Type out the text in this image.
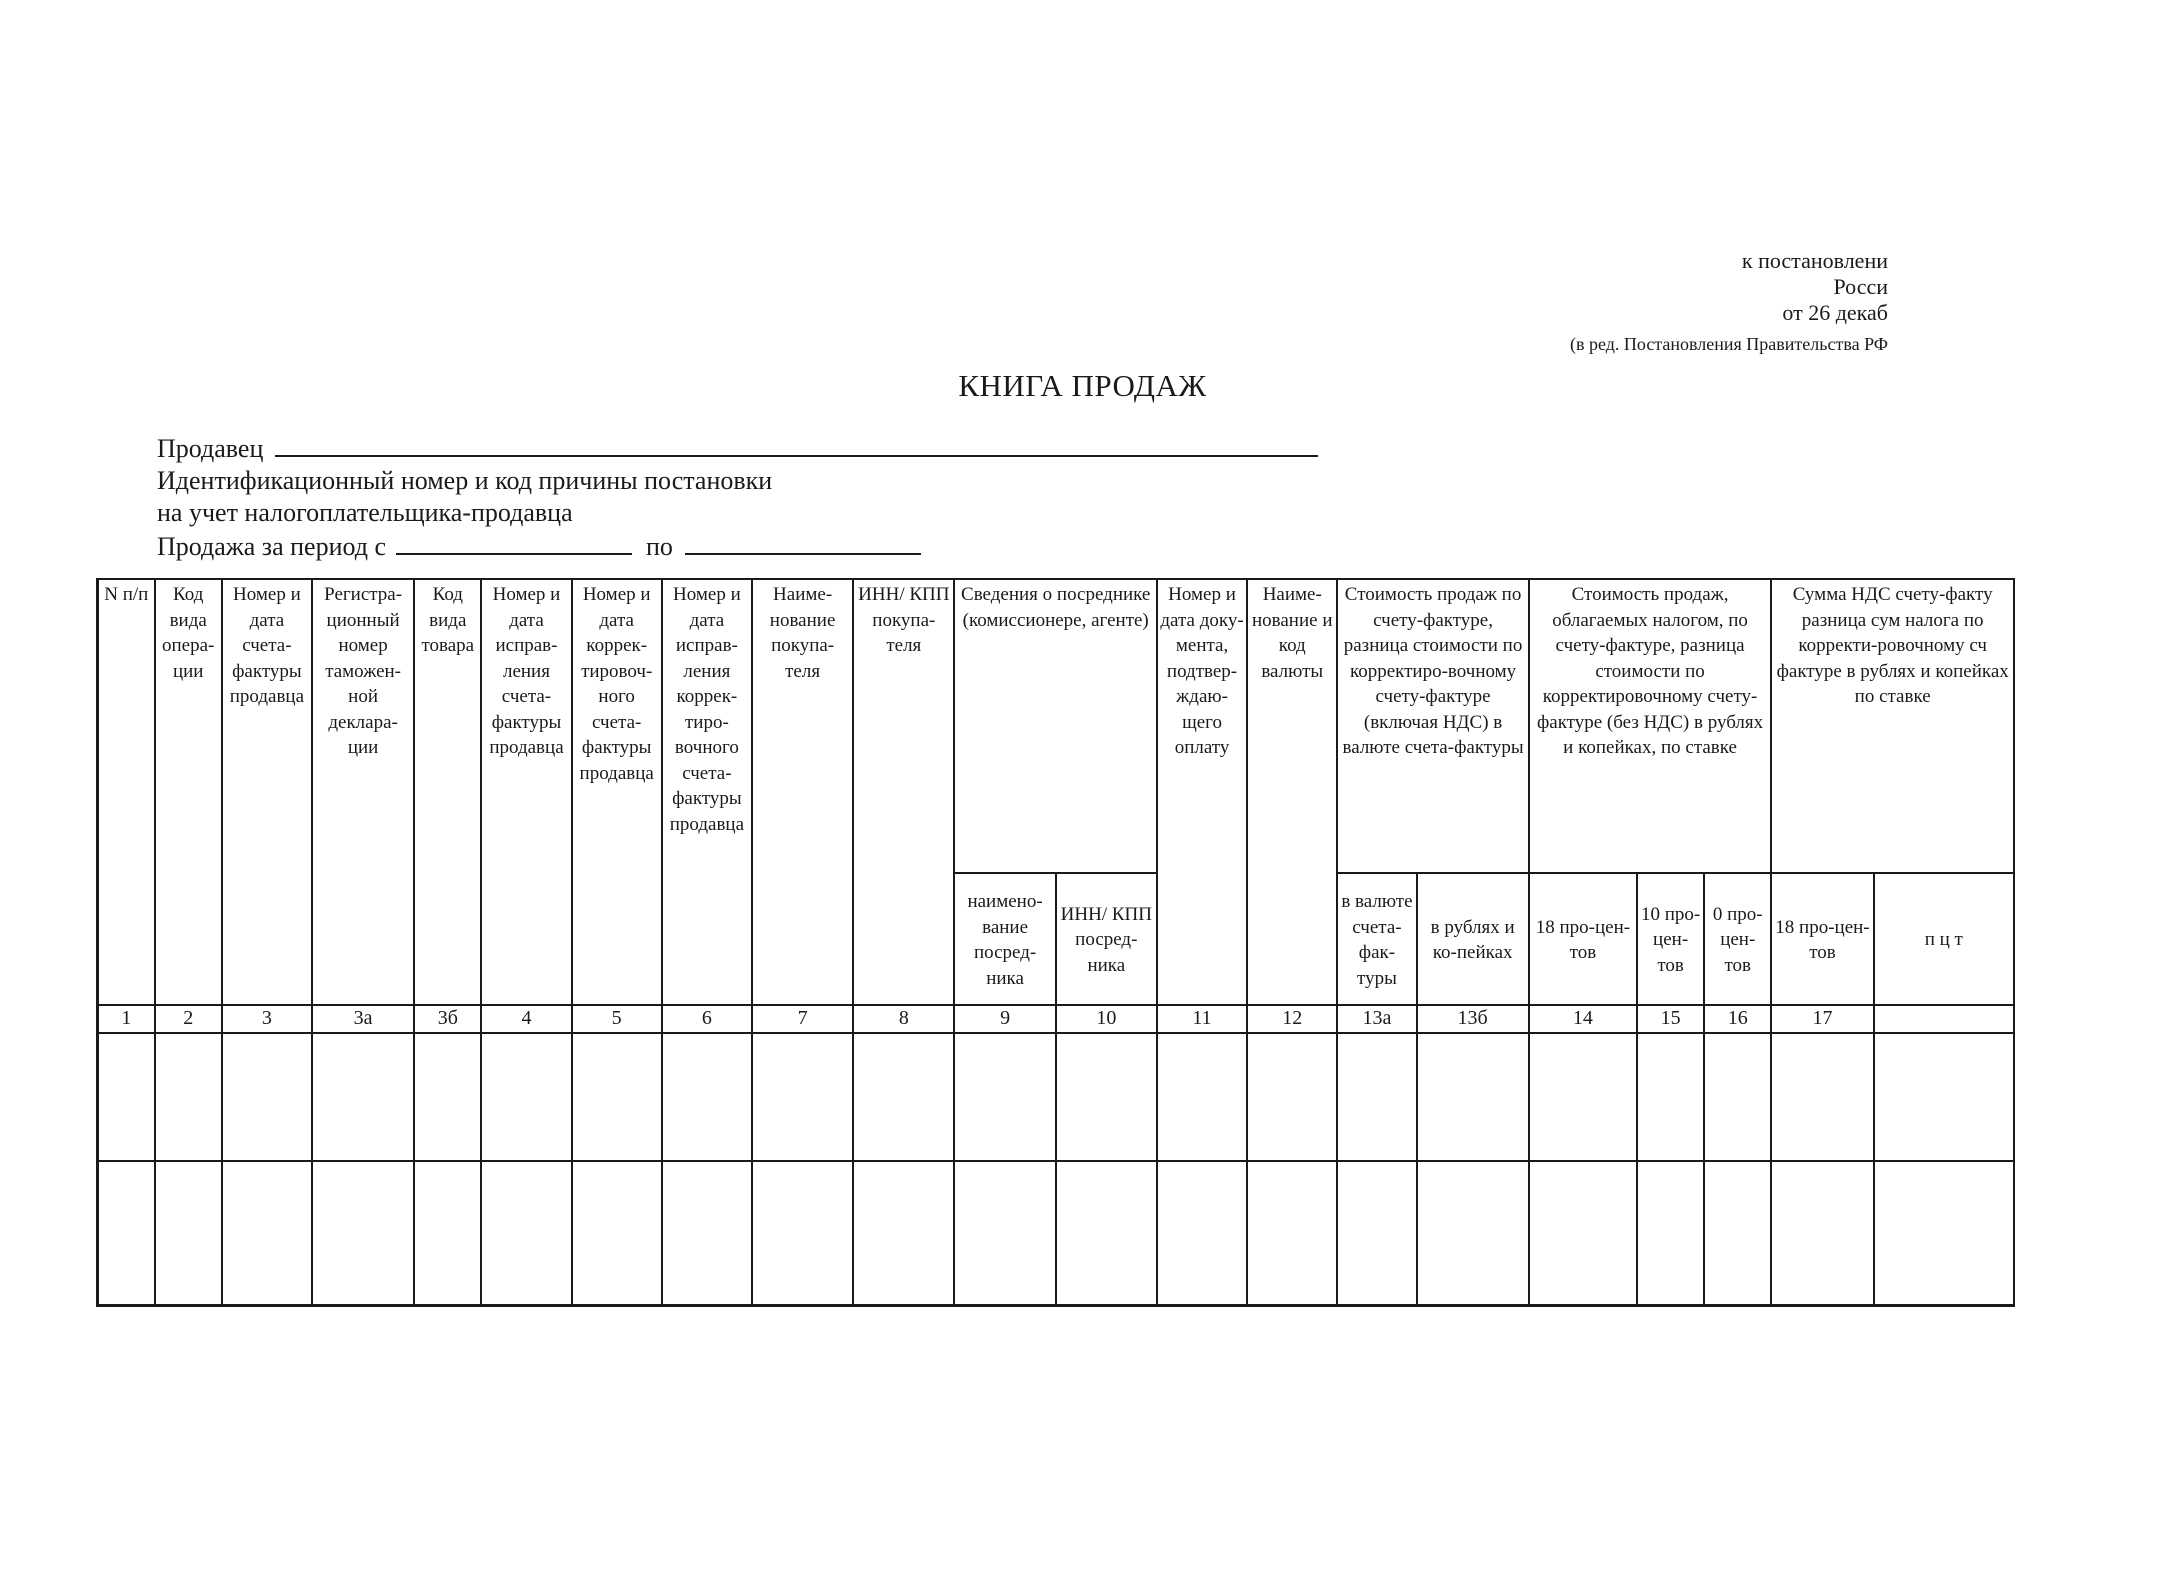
к постановлени
Росси
от 26 декаб
(в ред. Постановления Правительства РФ
КНИГА ПРОДАЖ
Продавец
Идентификационный номер и код причины постановки
на учет налогоплательщика-продавца
Продажа за период с	по
N п/п	Код вида опера-ции	Номер и дата счета-фактуры продавца	Регистра-ционный номер таможен-ной деклара-ции	Код вида товара	Номер и дата исправ-ления счета-фактуры продавца	Номер и дата коррек-тировоч-ного счета-фактуры продавца	Номер и дата исправ-ления коррек-тиро-вочного счета-фактуры продавца	Наиме-нование покупа-теля	ИНН/ КПП покупа-теля	Сведения о посреднике (комиссионере, агенте)		Номер и дата доку-мента, подтвер-ждаю-щего оплату	Наиме-нование и код валюты	Стоимость продаж по счету-фактуре, разница стоимости по корректиро-вочному счету-фактуре (включая НДС) в валюте счета-фактуры		Стоимость продаж, облагаемых налогом, по счету-фактуре, разница стоимости по корректировочному счету-фактуре (без НДС) в рублях и копейках, по ставке			Сумма НДС счету-факту разница сум налога по корректи-ровочному сч фактуре в рублях и копейках по ставке	
										наимено-вание посред-ника	ИНН/ КПП посред-ника			в валюте счета-фак-туры	в рублях и ко-пейках	18 про-цен-тов	10 про-цен-тов	0 про-цен-тов	18 про-цен-тов	п ц т
1	2	3	3а	3б	4	5	6	7	8	9	10	11	12	13а	13б	14	15	16	17	
